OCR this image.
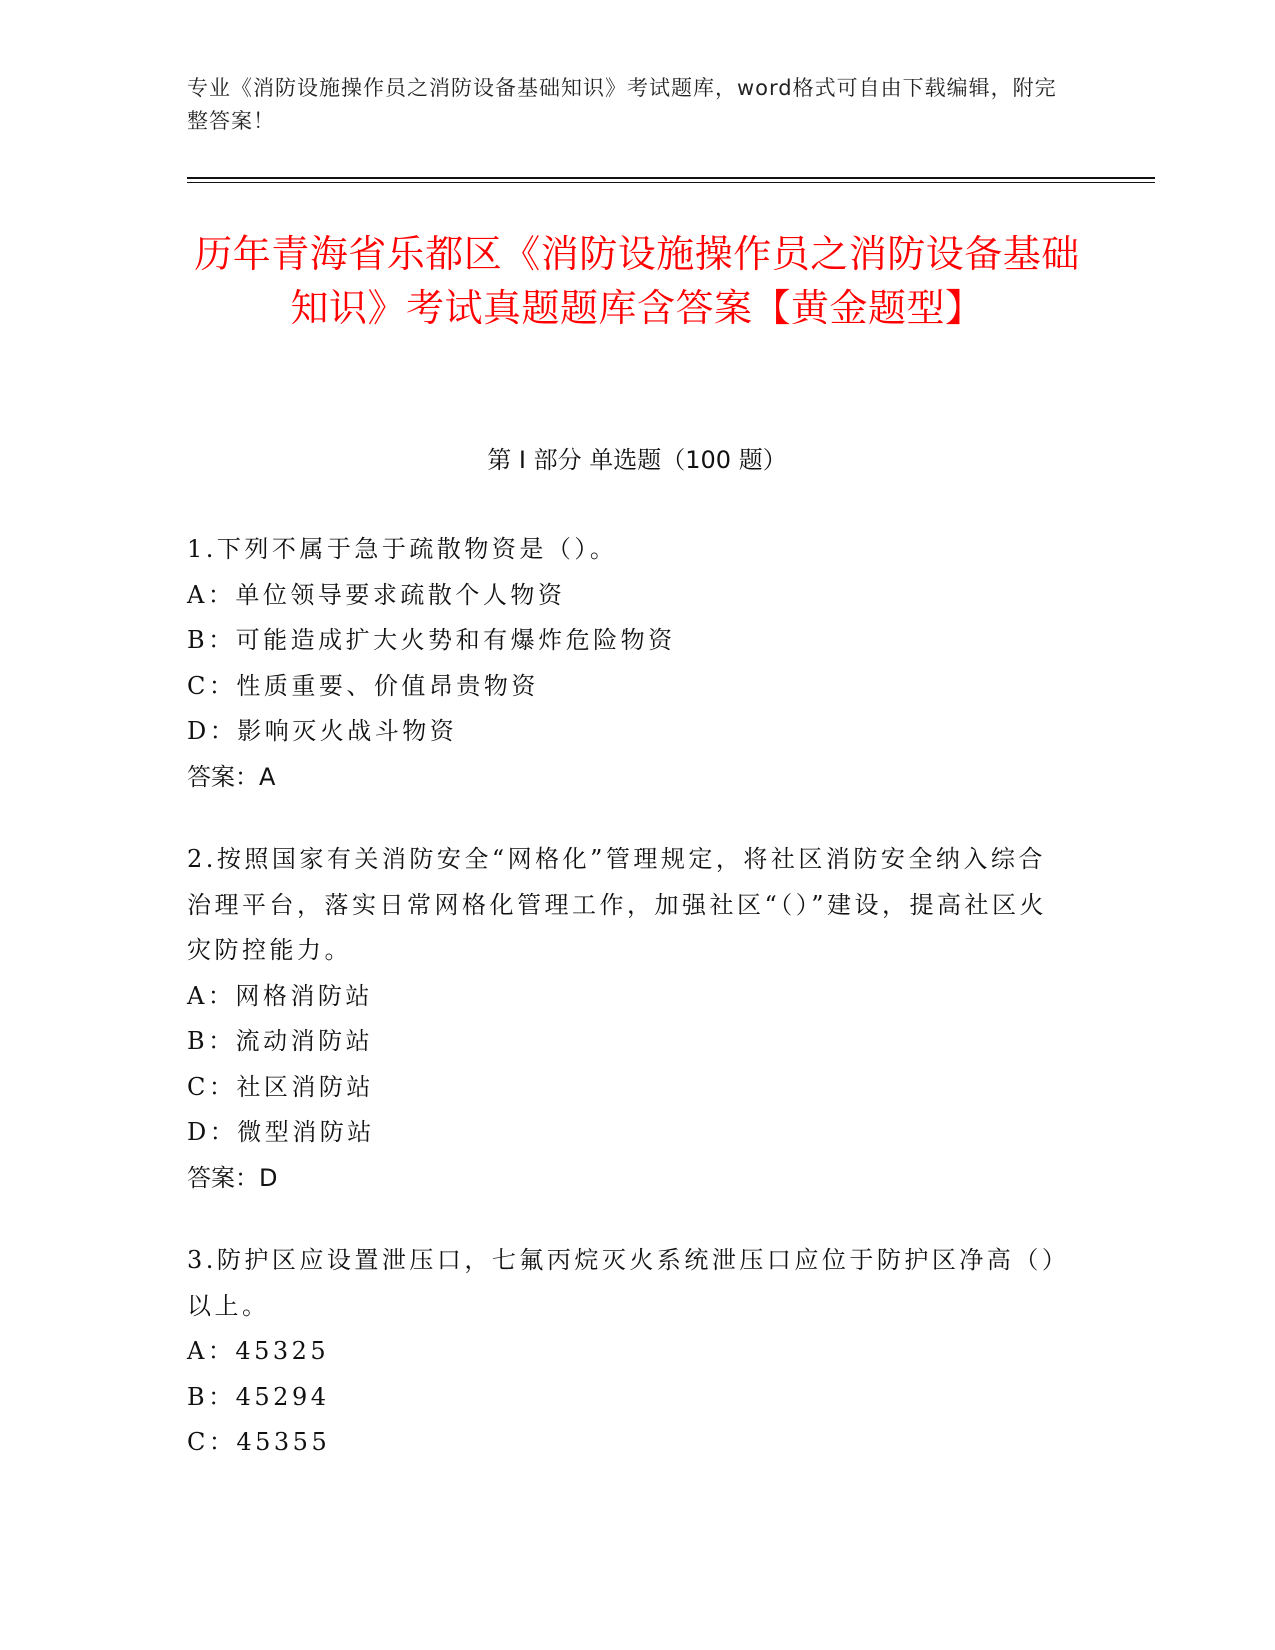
专业《消防设施操作员之消防设备基础知识》考试题库，word格式可自由下载编辑，附完整答案！
历年青海省乐都区《消防设施操作员之消防设备基础知识》考试真题题库含答案【黄金题型】
第 I 部分 单选题（100 题）

1.下列不属于急于疏散物资是（）。

A：单位领导要求疏散个人物资

B：可能造成扩大火势和有爆炸危险物资

C：性质重要、价值昂贵物资

D：影响灭火战斗物资

答案：A

2.按照国家有关消防安全“网格化”管理规定，将社区消防安全纳入综合治理平台，落实日常网格化管理工作，加强社区“（）”建设，提高社区火灾防控能力。

A：网格消防站

B：流动消防站

C：社区消防站

D：微型消防站

答案：D

3.防护区应设置泄压口，七氟丙烷灭火系统泄压口应位于防护区净高（）以上。

A：45325

B：45294

C：45355
